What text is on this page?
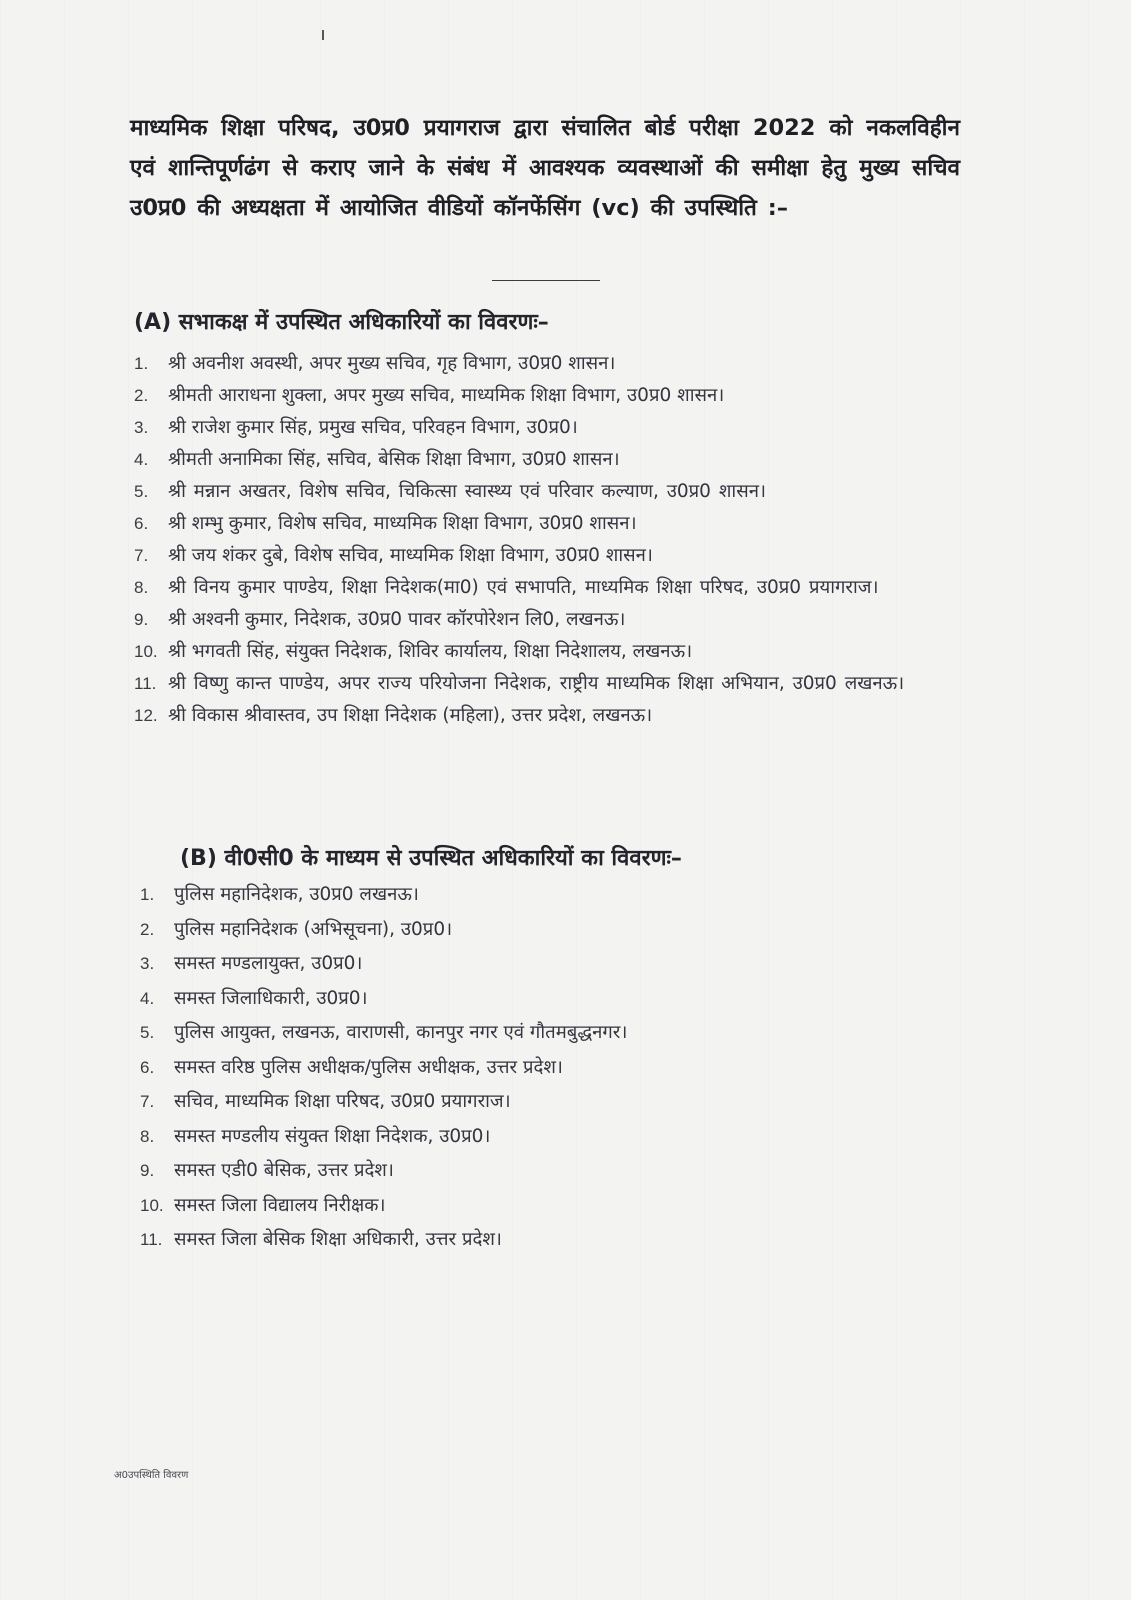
माध्यमिक शिक्षा परिषद, उ0प्र0 प्रयागराज द्वारा संचालित बोर्ड परीक्षा 2022 को नकलविहीन एवं शान्तिपूर्णढंग से कराए जाने के संबंध में आवश्यक व्यवस्थाओं की समीक्षा हेतु मुख्य सचिव उ0प्र0 की अध्यक्षता में आयोजित वीडियों कॉनफेंसिंग (vc) की उपस्थिति :–
(A) सभाकक्ष में उपस्थित अधिकारियों का विवरणः–
1. श्री अवनीश अवस्थी, अपर मुख्य सचिव, गृह विभाग, उ0प्र0 शासन।
2. श्रीमती आराधना शुक्ला, अपर मुख्य सचिव, माध्यमिक शिक्षा विभाग, उ0प्र0 शासन।
3. श्री राजेश कुमार सिंह, प्रमुख सचिव, परिवहन विभाग, उ0प्र0।
4. श्रीमती अनामिका सिंह, सचिव, बेसिक शिक्षा विभाग, उ0प्र0 शासन।
5. श्री मन्नान अखतर, विशेष सचिव, चिकित्सा स्वास्थ्य एवं परिवार कल्याण, उ0प्र0 शासन।
6. श्री शम्भु कुमार, विशेष सचिव, माध्यमिक शिक्षा विभाग, उ0प्र0 शासन।
7. श्री जय शंकर दुबे, विशेष सचिव, माध्यमिक शिक्षा विभाग, उ0प्र0 शासन।
8. श्री विनय कुमार पाण्डेय, शिक्षा निदेशक(मा0) एवं सभापति, माध्यमिक शिक्षा परिषद, उ0प्र0 प्रयागराज।
9. श्री अश्वनी कुमार, निदेशक, उ0प्र0 पावर कॉरपोरेशन लि0, लखनऊ।
10. श्री भगवती सिंह, संयुक्त निदेशक, शिविर कार्यालय, शिक्षा निदेशालय, लखनऊ।
11. श्री विष्णु कान्त पाण्डेय, अपर राज्य परियोजना निदेशक, राष्ट्रीय माध्यमिक शिक्षा अभियान, उ0प्र0 लखनऊ।
12. श्री विकास श्रीवास्तव, उप शिक्षा निदेशक (महिला), उत्तर प्रदेश, लखनऊ।
(B) वी0सी0 के माध्यम से उपस्थित अधिकारियों का विवरणः–
1. पुलिस महानिदेशक, उ0प्र0 लखनऊ।
2. पुलिस महानिदेशक (अभिसूचना), उ0प्र0।
3. समस्त मण्डलायुक्त, उ0प्र0।
4. समस्त जिलाधिकारी, उ0प्र0।
5. पुलिस आयुक्त, लखनऊ, वाराणसी, कानपुर नगर एवं गौतमबुद्धनगर।
6. समस्त वरिष्ठ पुलिस अधीक्षक/पुलिस अधीक्षक, उत्तर प्रदेश।
7. सचिव, माध्यमिक शिक्षा परिषद, उ0प्र0 प्रयागराज।
8. समस्त मण्डलीय संयुक्त शिक्षा निदेशक, उ0प्र0।
9. समस्त एडी0 बेसिक, उत्तर प्रदेश।
10. समस्त जिला विद्यालय निरीक्षक।
11. समस्त जिला बेसिक शिक्षा अधिकारी, उत्तर प्रदेश।
अ0उपस्थिति विवरण
